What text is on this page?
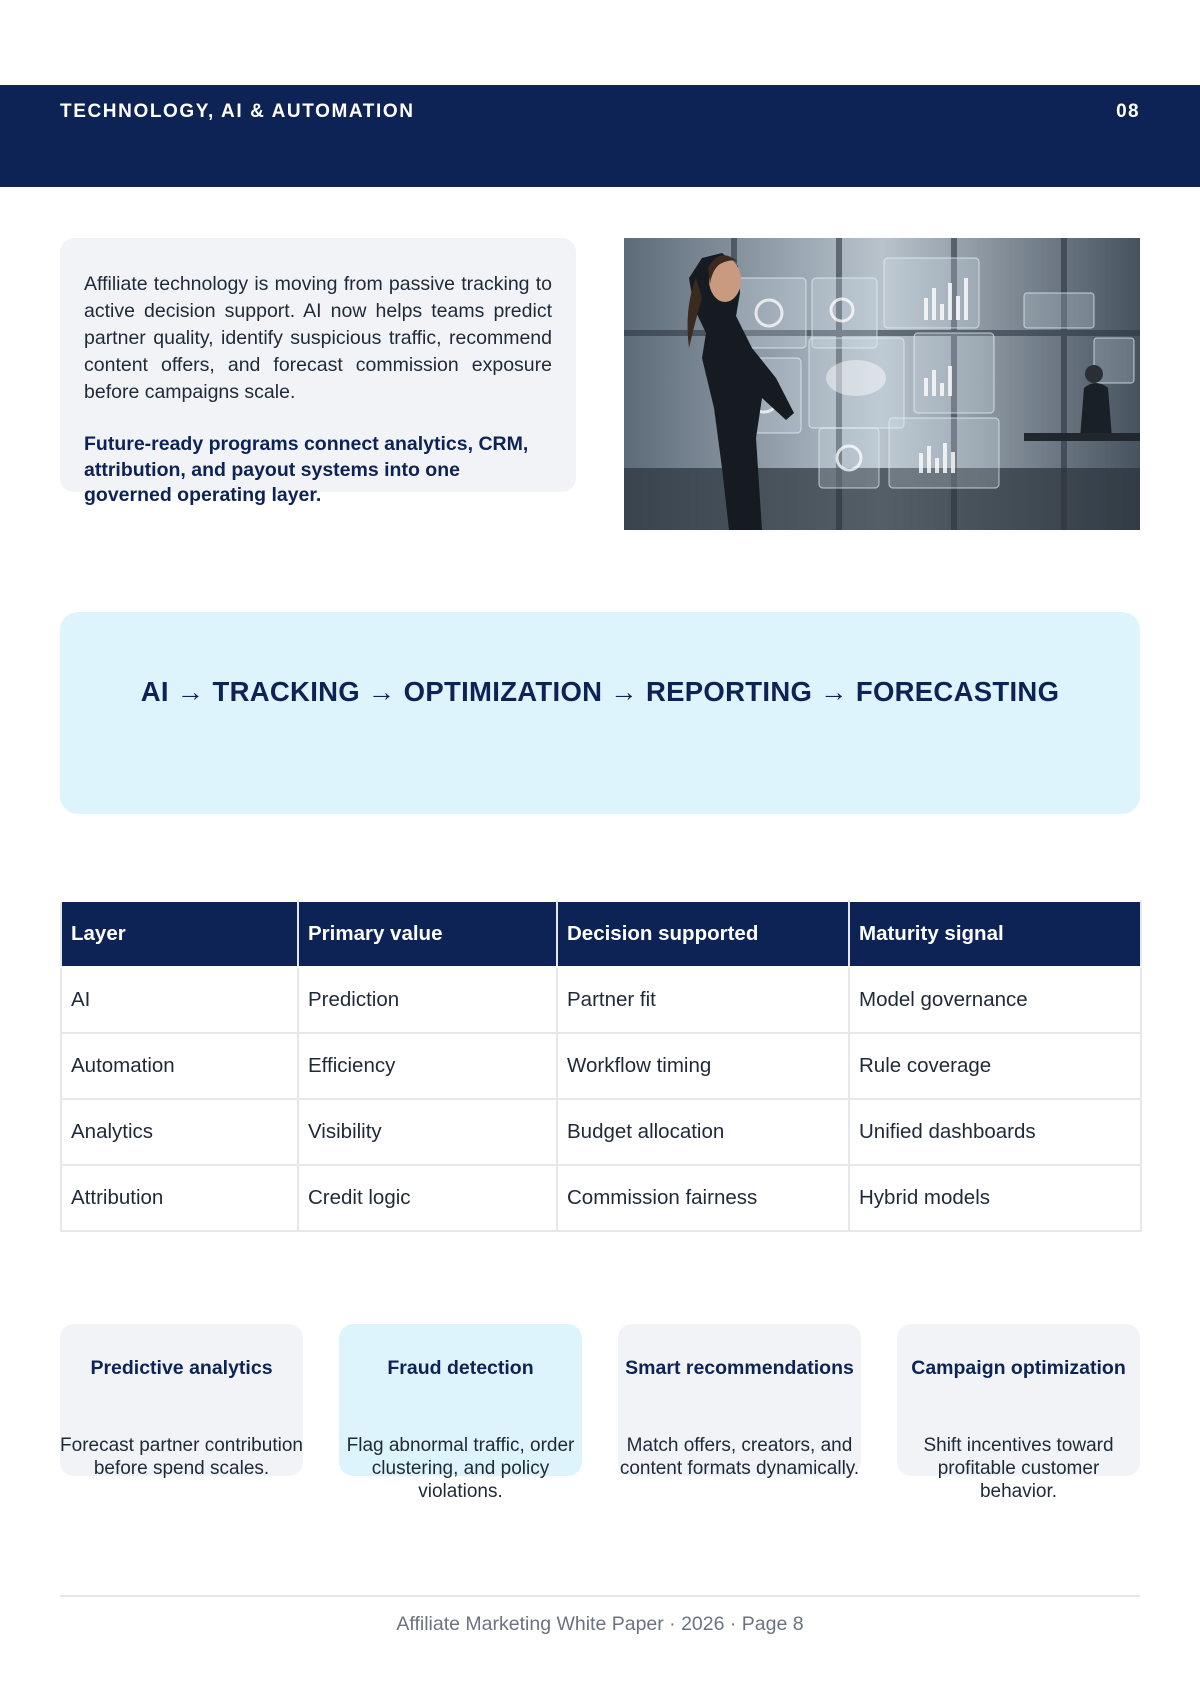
TECHNOLOGY, AI & AUTOMATION	08
Affiliate technology is moving from passive tracking to active decision support. AI now helps teams predict partner quality, identify suspicious traffic, recommend content offers, and forecast commission exposure before campaigns scale.
Future-ready programs connect analytics, CRM, attribution, and payout systems into one governed operating layer.
AI → TRACKING → OPTIMIZATION → REPORTING → FORECASTING
Layer	Primary value	Decision supported	Maturity signal
AI	Prediction	Partner fit	Model governance
Automation	Efficiency	Workflow timing	Rule coverage
Analytics	Visibility	Budget allocation	Unified dashboards
Attribution	Credit logic	Commission fairness	Hybrid models
Predictive analytics
Forecast partner contribution before spend scales.
Fraud detection
Flag abnormal traffic, order clustering, and policy violations.
Smart recommendations
Match offers, creators, and content formats dynamically.
Campaign optimization
Shift incentives toward profitable customer behavior.
Affiliate Marketing White Paper · 2026 · Page 8
